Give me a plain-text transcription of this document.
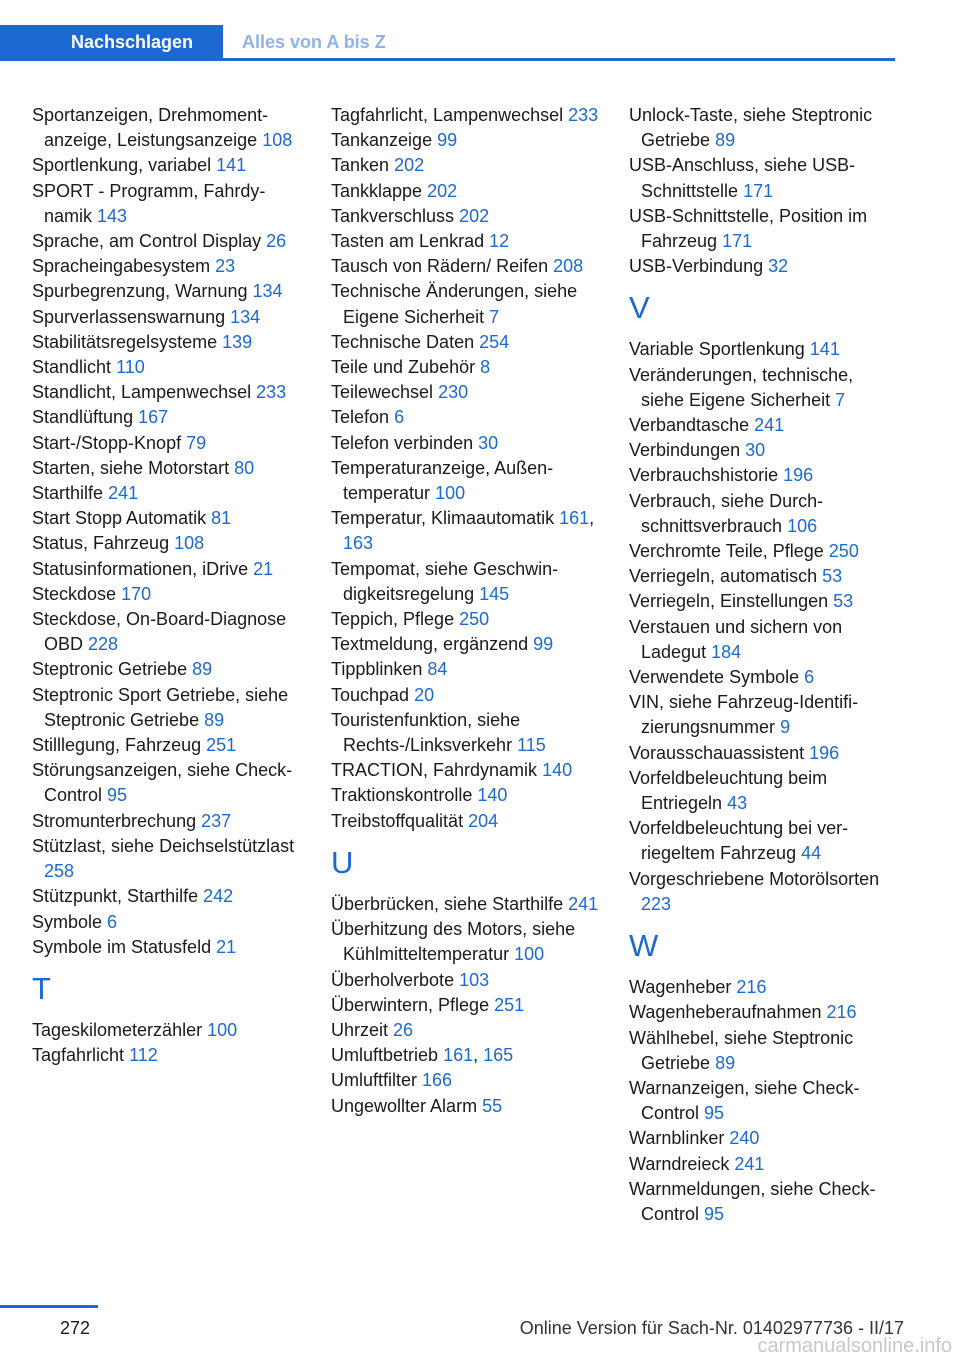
Nachschlagen	Alles von A bis Z

Sportanzeigen, Drehmomentanzeige, Leistungsanzeige 108

Sportlenkung, variabel 141

SPORT - Programm, Fahrdynamik 143

Sprache, am Control Display 26

Spracheingabesystem 23

Spurbegrenzung, Warnung 134

Spurverlassenswarnung 134

Stabilitätsregelsysteme 139

Standlicht 110

Standlicht, Lampenwechsel 233

Standlüftung 167

Start-/Stopp-Knopf 79

Starten, siehe Motorstart 80

Starthilfe 241

Start Stopp Automatik 81

Status, Fahrzeug 108

Statusinformationen, iDrive 21

Steckdose 170

Steckdose, On-Board-Diagnose OBD 228

Steptronic Getriebe 89

Steptronic Sport Getriebe, siehe Steptronic Getriebe 89

Stilllegung, Fahrzeug 251

Störungsanzeigen, siehe Check-Control 95

Stromunterbrechung 237

Stützlast, siehe Deichselstützlast 258

Stützpunkt, Starthilfe 242

Symbole 6

Symbole im Statusfeld 21

T

Tageskilometerzähler 100

Tagfahrlicht 112

Tagfahrlicht, Lampenwechsel 233

Tankanzeige 99

Tanken 202

Tankklappe 202

Tankverschluss 202

Tasten am Lenkrad 12

Tausch von Rädern/ Reifen 208

Technische Änderungen, siehe Eigene Sicherheit 7

Technische Daten 254

Teile und Zubehör 8

Teilewechsel 230

Telefon 6

Telefon verbinden 30

Temperaturanzeige, Außentemperatur 100

Temperatur, Klimaautomatik 161, 163

Tempomat, siehe Geschwindigkeitsregelung 145

Teppich, Pflege 250

Textmeldung, ergänzend 99

Tippblinken 84

Touchpad 20

Touristenfunktion, siehe Rechts-/Linksverkehr 115

TRACTION, Fahrdynamik 140

Traktionskontrolle 140

Treibstoffqualität 204

U

Überbrücken, siehe Starthilfe 241

Überhitzung des Motors, siehe Kühlmitteltemperatur 100

Überholverbote 103

Überwintern, Pflege 251

Uhrzeit 26

Umluftbetrieb 161, 165

Umluftfilter 166

Ungewollter Alarm 55

Unlock-Taste, siehe Steptronic Getriebe 89

USB-Anschluss, siehe USB-Schnittstelle 171

USB-Schnittstelle, Position im Fahrzeug 171

USB-Verbindung 32

V

Variable Sportlenkung 141

Veränderungen, technische, siehe Eigene Sicherheit 7

Verbandtasche 241

Verbindungen 30

Verbrauchshistorie 196

Verbrauch, siehe Durchschnittsverbrauch 106

Verchromte Teile, Pflege 250

Verriegeln, automatisch 53

Verriegeln, Einstellungen 53

Verstauen und sichern von Ladegut 184

Verwendete Symbole 6

VIN, siehe Fahrzeug-Identifizierungsnummer 9

Vorausschauassistent 196

Vorfeldbeleuchtung beim Entriegeln 43

Vorfeldbeleuchtung bei verriegeltem Fahrzeug 44

Vorgeschriebene Motorölsorten 223

W

Wagenheber 216

Wagenheberaufnahmen 216

Wählhebel, siehe Steptronic Getriebe 89

Warnanzeigen, siehe Check-Control 95

Warnblinker 240

Warndreieck 241

Warnmeldungen, siehe Check-Control 95

272	Online Version für Sach-Nr. 01402977736 - II/17
carmanualsonline.info
